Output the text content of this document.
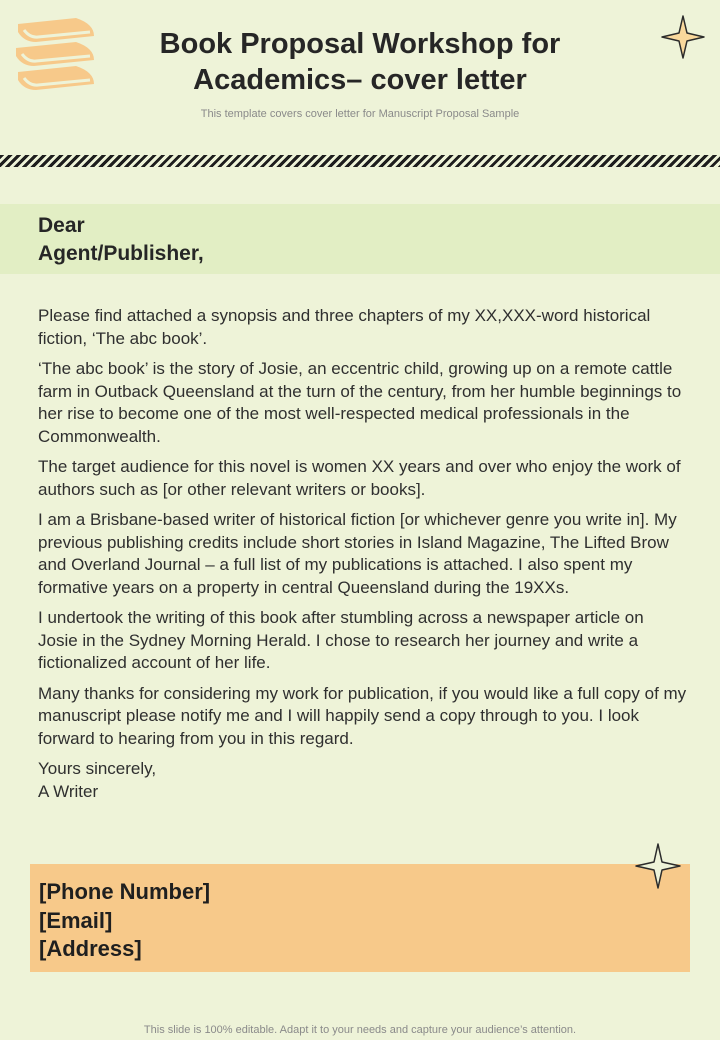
Book Proposal Workshop for
Academics– cover letter
This template covers cover letter for Manuscript Proposal Sample
Dear
Agent/Publisher,

Please find attached a synopsis and three chapters of my XX,XXX-word historical fiction, ‘The abc book’.

‘The abc book’ is the story of Josie, an eccentric child, growing up on a remote cattle farm in Outback Queensland at the turn of the century, from her humble beginnings to her rise to become one of the most well-respected medical professionals in the Commonwealth.

The target audience for this novel is women XX years and over who enjoy the work of authors such as [or other relevant writers or books].

I am a Brisbane-based writer of historical fiction [or whichever genre you write in]. My previous publishing credits include short stories in Island Magazine, The Lifted Brow and Overland Journal – a full list of my publications is attached. I also spent my formative years on a property in central Queensland during the 19XXs.

I undertook the writing of this book after stumbling across a newspaper article on Josie in the Sydney Morning Herald. I chose to research her journey and write a fictionalized account of her life.

Many thanks for considering my work for publication, if you would like a full copy of my manuscript please notify me and I will happily send a copy through to you. I look forward to hearing from you in this regard.

Yours sincerely,
A Writer
[Phone Number]
[Email]
[Address]
This slide is 100% editable. Adapt it to your needs and capture your audience’s attention.
